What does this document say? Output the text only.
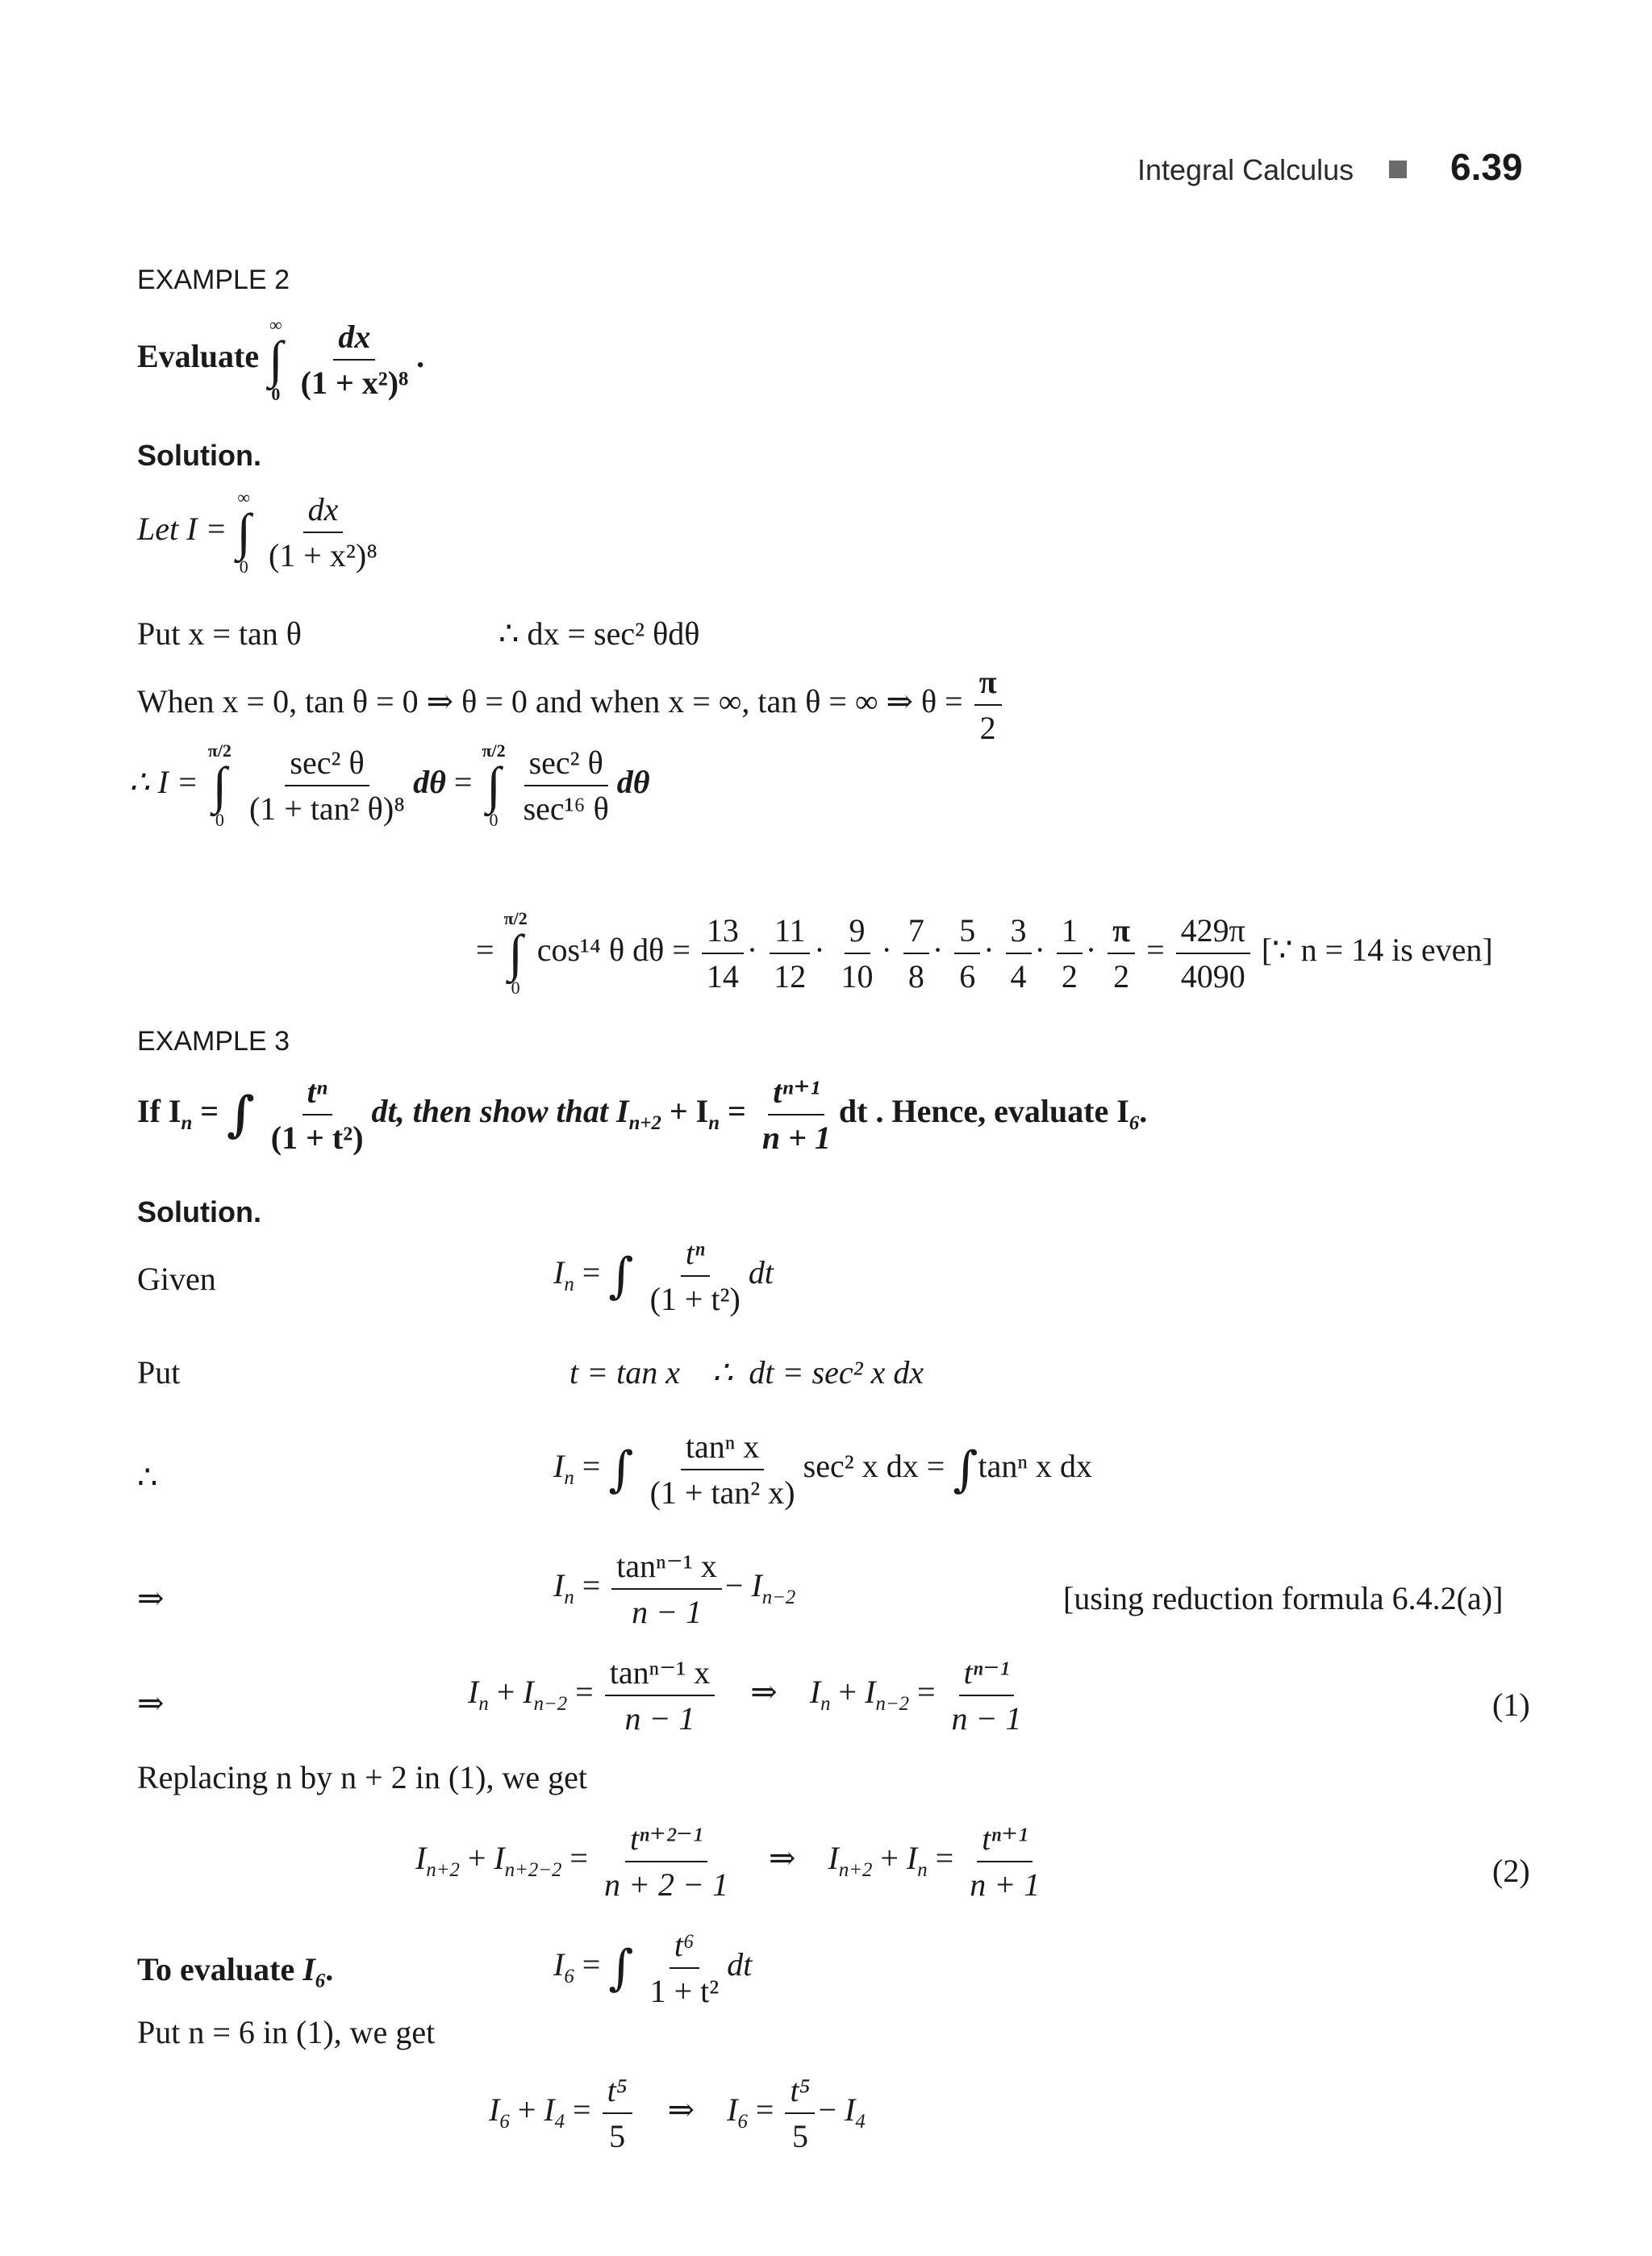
Integral Calculus	6.39
EXAMPLE 2
Evaluate
∞
∫
0
$\frac{dx}{\text{(1 + x²)⁸}}$ .
Solution.
Let I =
∞
∫
0
$\frac{dx}{\text{(1 + x²)⁸}}$
Put x = tan θ	∴ dx = sec² θdθ
When x = 0, tan θ = 0 ⇒ θ = 0 and when x = ∞, tan θ = ∞ ⇒ $\theta = \frac{\pi}{2}$
∴ I =
π/2
∫
0
$\frac{\text{sec² θ}}{\text{(1 + tan² θ)⁸}}$ dθ =
π/2
∫
0
$\frac{\text{sec² θ}}{\text{sec¹⁶ θ}}$ dθ
=
π/2
∫
0
cos¹⁴ θ $d\theta = \frac{13}{14} \cdot \frac{11}{12} \cdot \frac{9}{10} \cdot \frac{7}{8} \cdot \frac{5}{6} \cdot \frac{3}{4} \cdot \frac{1}{2} \cdot \frac{\pi}{2} = \frac{429\pi}{4090}$ [∵ n = 14 is even]
EXAMPLE 3
If $I_n$ = ∫ $\frac{\text{tⁿ}}{\text{(1 + t²)}}$ dt, then show that $I_{n+2} + I_n = \frac{\text{tⁿ⁺¹}}{n + 1}$ dt . Hence, evaluate $I_6$.
Solution.
Given	$I_n$ = ∫ $\frac{\text{tⁿ}}{\text{(1 + t²)}}$ dt
Put	t = tan x    ∴  dt = sec² x dx
∴	$I_n$ = ∫ $\frac{\text{tanⁿ x}}{\text{(1 + tan² x)}} \sec^2$ x dx = ∫tanⁿ x dx
⇒	$I_n = \frac{\text{tanⁿ⁻¹ x}}{n - 1} - I_{n-2}$	[using reduction formula 6.4.2(a)]
⇒	$I_n + I_{n-2} = \frac{\text{tanⁿ⁻¹ x}}{n - 1}$ ⇒ $I_n + I_{n-2} = \frac{\text{tⁿ⁻¹}}{n - 1}$	(1)
Replacing n by n + 2 in (1), we get
$I_{n+2} + I_{n+2-2} = \frac{\text{tⁿ⁺²⁻¹}}{n + 2 - 1}$ ⇒ $I_{n+2} + I_n = \frac{\text{tⁿ⁺¹}}{n + 1}$	(2)
To evaluate $I_6$.	$I_6$ = ∫ $\frac{\text{t⁶}}{\text{1 + t²}}$ dt
Put n = 6 in (1), we get
$I_6 + I_4 = \frac{\text{t⁵}}{5}$ ⇒ $I_6 = \frac{\text{t⁵}}{5} - I_4$
